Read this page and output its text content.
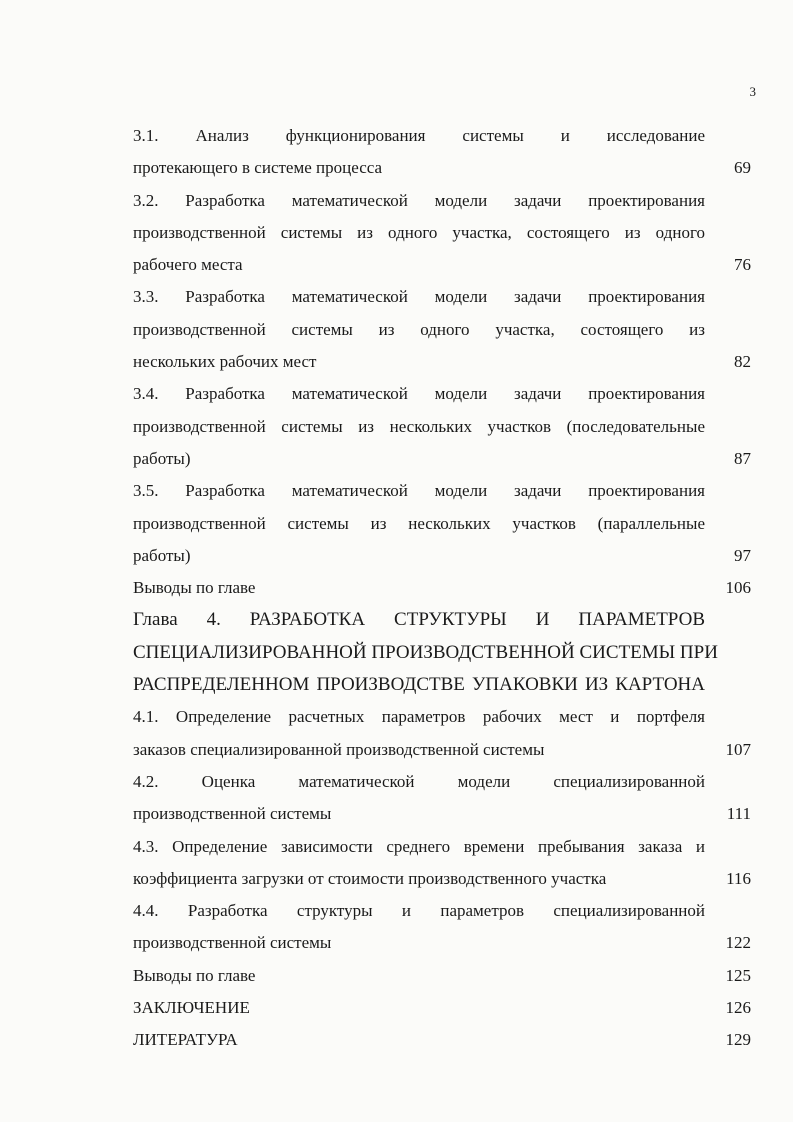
3
3.1. Анализ функционирования системы и исследование
протекающего в системе процесса	69
3.2. Разработка математической модели задачи проектирования
производственной системы из одного участка, состоящего из одного
рабочего места	76
3.3. Разработка математической модели задачи проектирования
производственной системы из одного участка, состоящего из
нескольких рабочих мест	82
3.4. Разработка математической модели задачи проектирования
производственной системы из нескольких участков (последовательные
работы)	87
3.5. Разработка математической модели задачи проектирования
производственной системы из нескольких участков (параллельные
работы)	97
Выводы по главе	106
Глава 4. РАЗРАБОТКА СТРУКТУРЫ И ПАРАМЕТРОВ
СПЕЦИАЛИЗИРОВАННОЙ ПРОИЗВОДСТВЕННОЙ СИСТЕМЫ ПРИ
РАСПРЕДЕЛЕННОМ ПРОИЗВОДСТВЕ УПАКОВКИ ИЗ КАРТОНА
4.1. Определение расчетных параметров рабочих мест и портфеля
заказов специализированной производственной системы	107
4.2. Оценка математической модели специализированной
производственной системы	111
4.3. Определение зависимости среднего времени пребывания заказа и
коэффициента загрузки от стоимости производственного участка	116
4.4. Разработка структуры и параметров специализированной
производственной системы	122
Выводы по главе	125
ЗАКЛЮЧЕНИЕ	126
ЛИТЕРАТУРА	129
